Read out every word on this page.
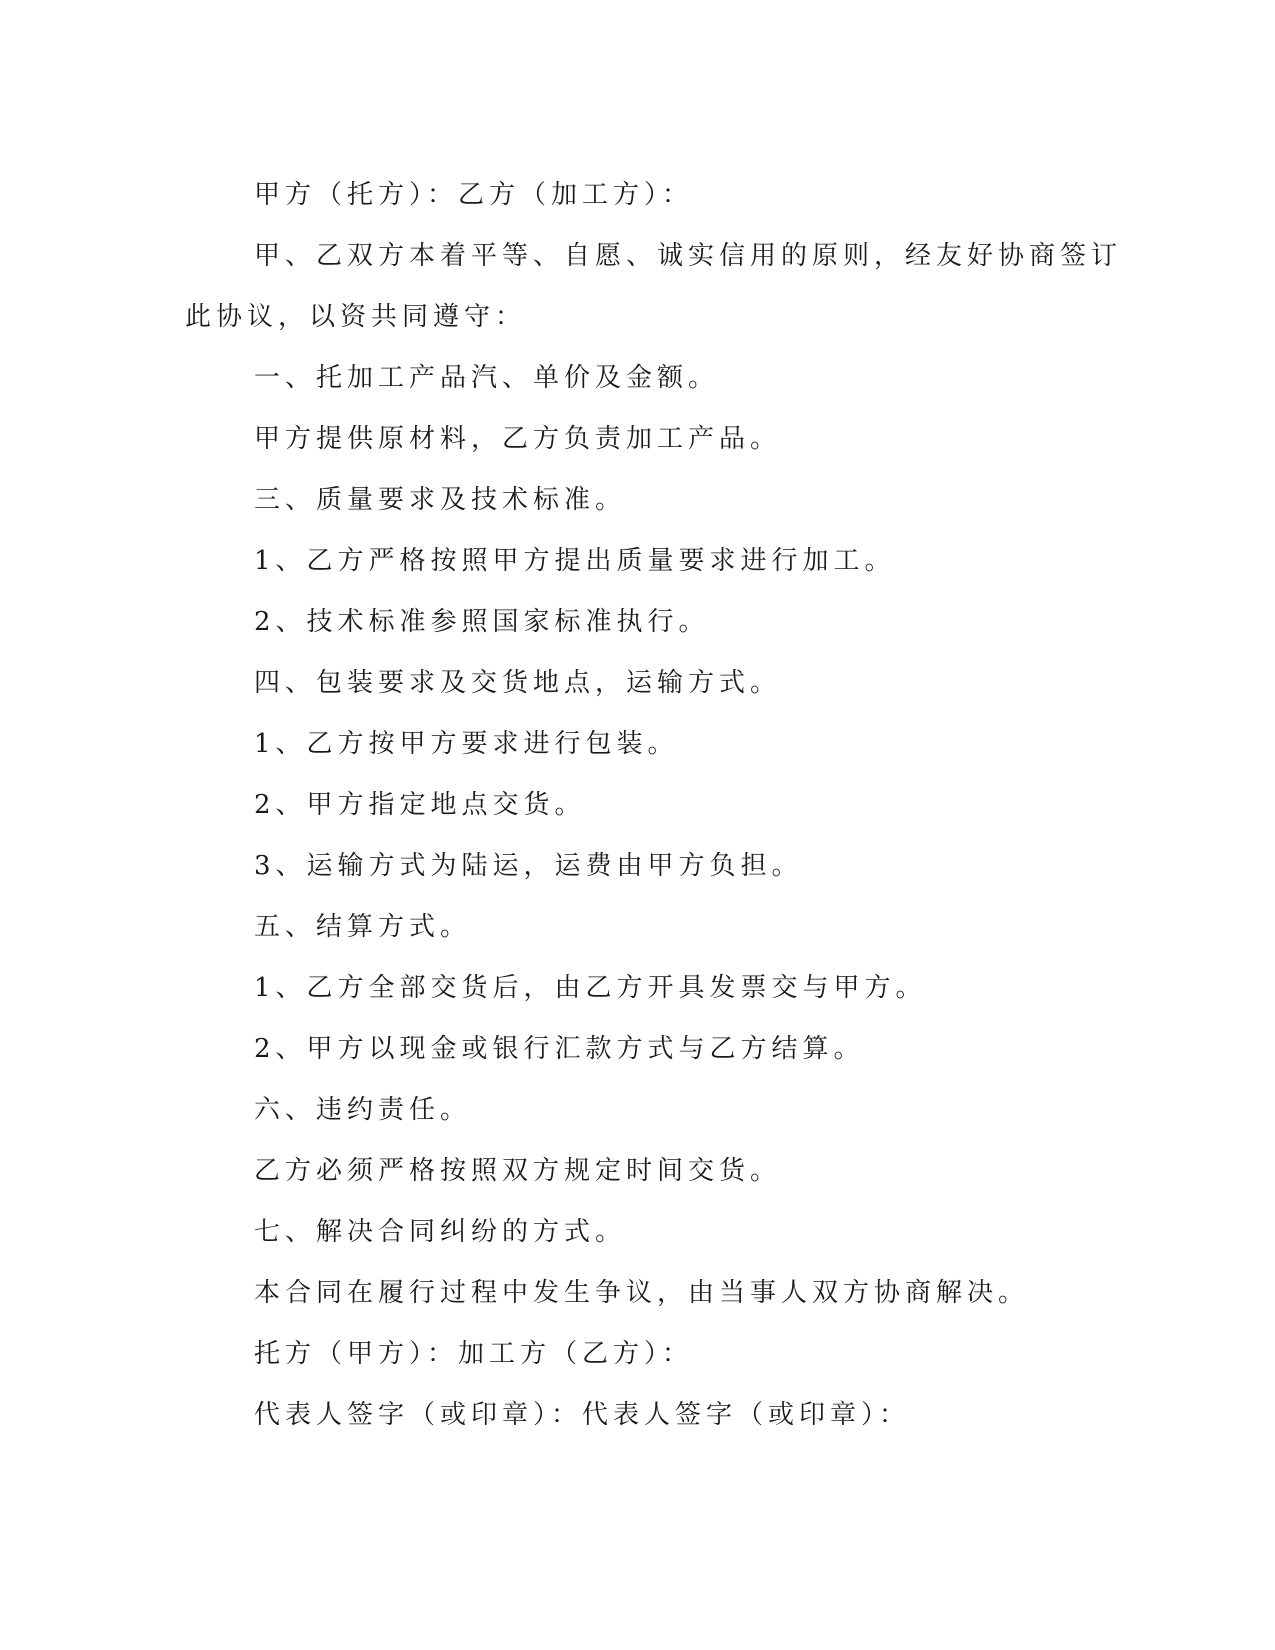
甲方（托方）：乙方（加工方）：

甲、乙双方本着平等、自愿、诚实信用的原则，经友好协商签订

此协议，以资共同遵守：

一、托加工产品汽、单价及金额。

甲方提供原材料，乙方负责加工产品。

三、质量要求及技术标准。

1、乙方严格按照甲方提出质量要求进行加工。

2、技术标准参照国家标准执行。

四、包装要求及交货地点，运输方式。

1、乙方按甲方要求进行包装。

2、甲方指定地点交货。

3、运输方式为陆运，运费由甲方负担。

五、结算方式。

1、乙方全部交货后，由乙方开具发票交与甲方。

2、甲方以现金或银行汇款方式与乙方结算。

六、违约责任。

乙方必须严格按照双方规定时间交货。

七、解决合同纠纷的方式。

本合同在履行过程中发生争议，由当事人双方协商解决。

托方（甲方）：加工方（乙方）：

代表人签字（或印章）：代表人签字（或印章）：
